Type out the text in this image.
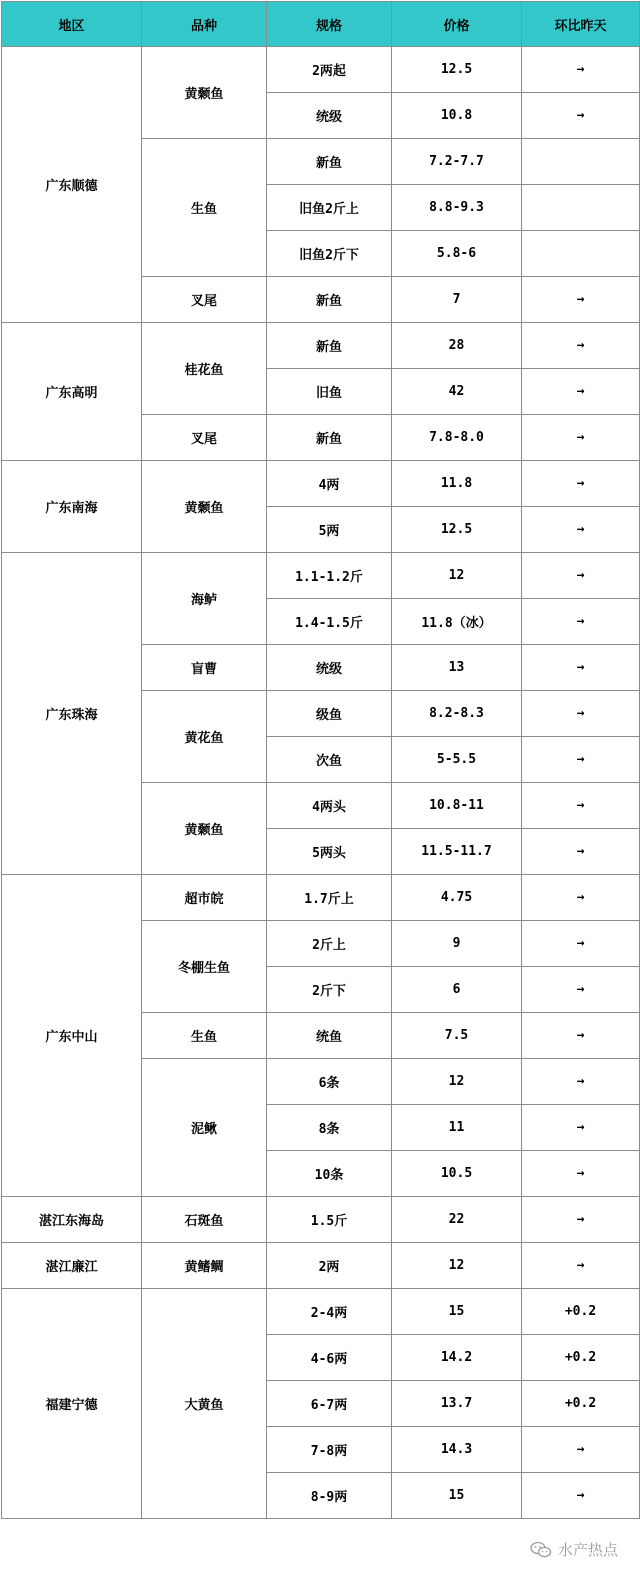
地区	品种	规格	价格	环比昨天
广东顺德	黄颡鱼	2两起	12.5	→
		统级	10.8	→
	生鱼	新鱼	7.2-7.7	
		旧鱼2斤上	8.8-9.3	
		旧鱼2斤下	5.8-6	
	叉尾	新鱼	7	→
广东高明	桂花鱼	新鱼	28	→
		旧鱼	42	→
	叉尾	新鱼	7.8-8.0	→
广东南海	黄颡鱼	4两	11.8	→
		5两	12.5	→
广东珠海	海鲈	1.1-1.2斤	12	→
		1.4-1.5斤	11.8（冰）	→
	盲曹	统级	13	→
	黄花鱼	级鱼	8.2-8.3	→
		次鱼	5-5.5	→
	黄颡鱼	4两头	10.8-11	→
		5两头	11.5-11.7	→
广东中山	超市皖	1.7斤上	4.75	→
	冬棚生鱼	2斤上	9	→
		2斤下	6	→
	生鱼	统鱼	7.5	→
	泥鳅	6条	12	→
		8条	11	→
		10条	10.5	→
湛江东海岛	石斑鱼	1.5斤	22	→
湛江廉江	黄鳍鲷	2两	12	→
福建宁德	大黄鱼	2-4两	15	+0.2
		4-6两	14.2	+0.2
		6-7两	13.7	+0.2
		7-8两	14.3	→
		8-9两	15	→
水产热点
